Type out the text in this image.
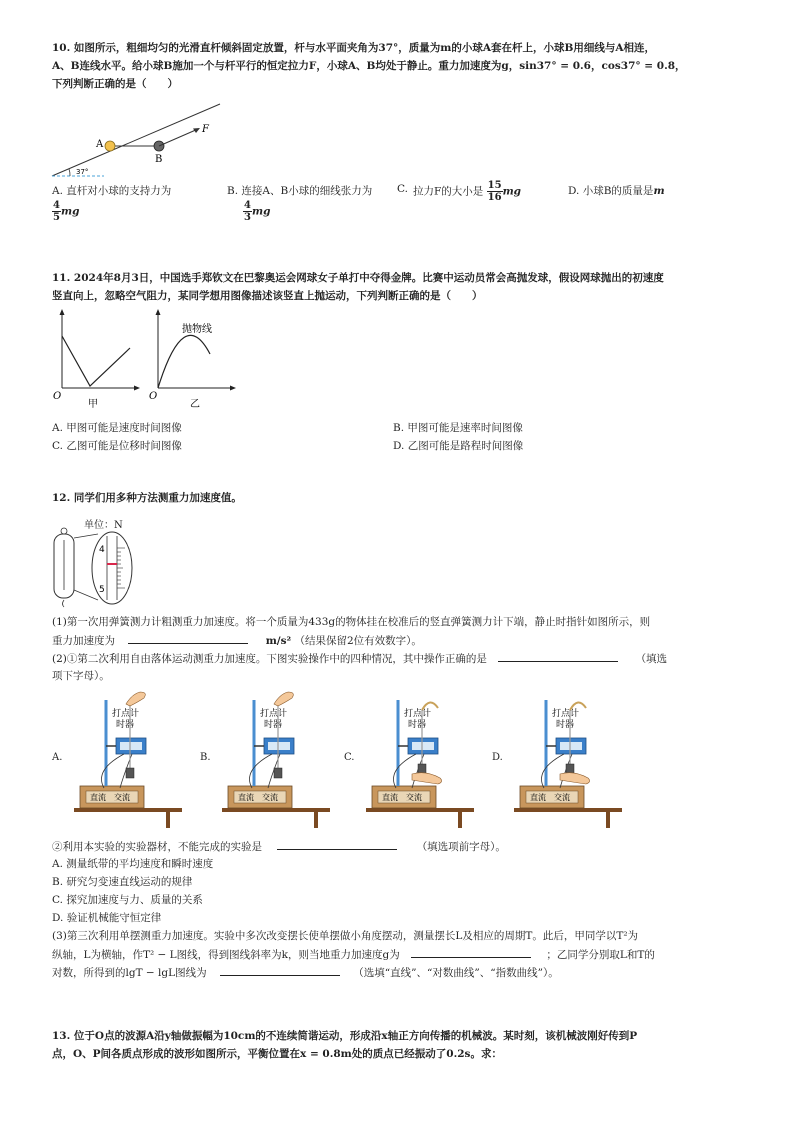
10. 如图所示，粗细均匀的光滑直杆倾斜固定放置，杆与水平面夹角为37°，质量为m的小球A套在杆上，小球B用细线与A相连，
A、B连线水平。给小球B施加一个与杆平行的恒定拉力F，小球A、B均处于静止。重力加速度为g，sin37° = 0.6，cos37° = 0.8，
下列判断正确的是（　　）
A
B
F
37°
A. 直杆对小球的支持力为
$\frac{4}{5}$ mg
B. 连接A、B小球的细线张力为
$\frac{4}{3}$ mg
C. 拉力F的大小是 $\frac{15}{16}$ mg	D. 小球B的质量是m
11. 2024年8月3日，中国选手郑钦文在巴黎奥运会网球女子单打中夺得金牌。比赛中运动员常会高抛发球，假设网球抛出的初速度
竖直向上，忽略空气阻力，某同学想用图像描述该竖直上抛运动，下列判断正确的是（　　）
O
甲
O
乙
抛物线
A. 甲图可能是速度时间图像	B. 甲图可能是速率时间图像
C. 乙图可能是位移时间图像	D. 乙图可能是路程时间图像
12. 同学们用多种方法测重力加速度值。
单位：N
4
5
(1)第一次用弹簧测力计粗测重力加速度。将一个质量为433g的物体挂在校准后的竖直弹簧测力计下端，静止时指针如图所示，则
重力加速度为	m/s² （结果保留2位有效数字）。
(2)①第二次利用自由落体运动测重力加速度。下图实验操作中的四种情况，其中操作正确的是	（填选
项下字母）。
A.
直流 交流
打点计
时器
B.
直流 交流
打点计
时器
C.
直流 交流
打点计
时器
D.
直流 交流
打点计
时器
②利用本实验的实验器材，不能完成的实验是	（填选项前字母）。
A. 测量纸带的平均速度和瞬时速度
B. 研究匀变速直线运动的规律
C. 探究加速度与力、质量的关系
D. 验证机械能守恒定律
(3)第三次利用单摆测重力加速度。实验中多次改变摆长使单摆做小角度摆动，测量摆长L及相应的周期T。此后，甲同学以T²为
纵轴，L为横轴，作T² − L图线，得到图线斜率为k，则当地重力加速度g为	；乙同学分别取L和T的
对数，所得到的lgT − lgL图线为	（选填“直线”、“对数曲线”、“指数曲线”）。
13. 位于O点的波源A沿y轴做振幅为10cm的不连续简谐运动，形成沿x轴正方向传播的机械波。某时刻，该机械波刚好传到P
点，O、P间各质点形成的波形如图所示，平衡位置在x = 0.8m处的质点已经振动了0.2s。求：
